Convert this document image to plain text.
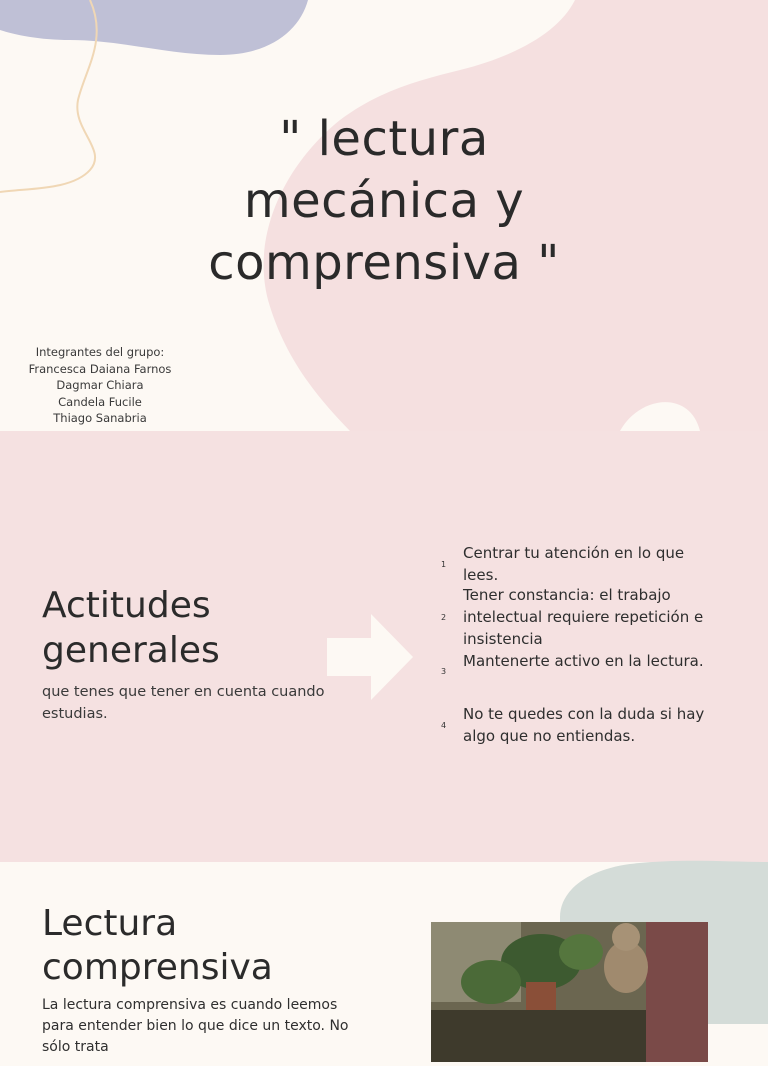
" lectura
mecánica y
comprensiva "
Integrantes del grupo:
Francesca Daiana Farnos
Dagmar Chiara
Candela Fucile
Thiago Sanabria
Actitudes
generales
que tenes que tener en cuenta cuando estudias.
1
Centrar tu atención en lo que lees.
2
Tener constancia: el trabajo intelectual requiere repetición e insistencia
3
Mantenerte activo en la lectura.
4
No te quedes con la duda si hay algo que no entiendas.
Lectura
comprensiva
La lectura comprensiva es cuando leemos para entender bien lo que dice un texto. No sólo trata
